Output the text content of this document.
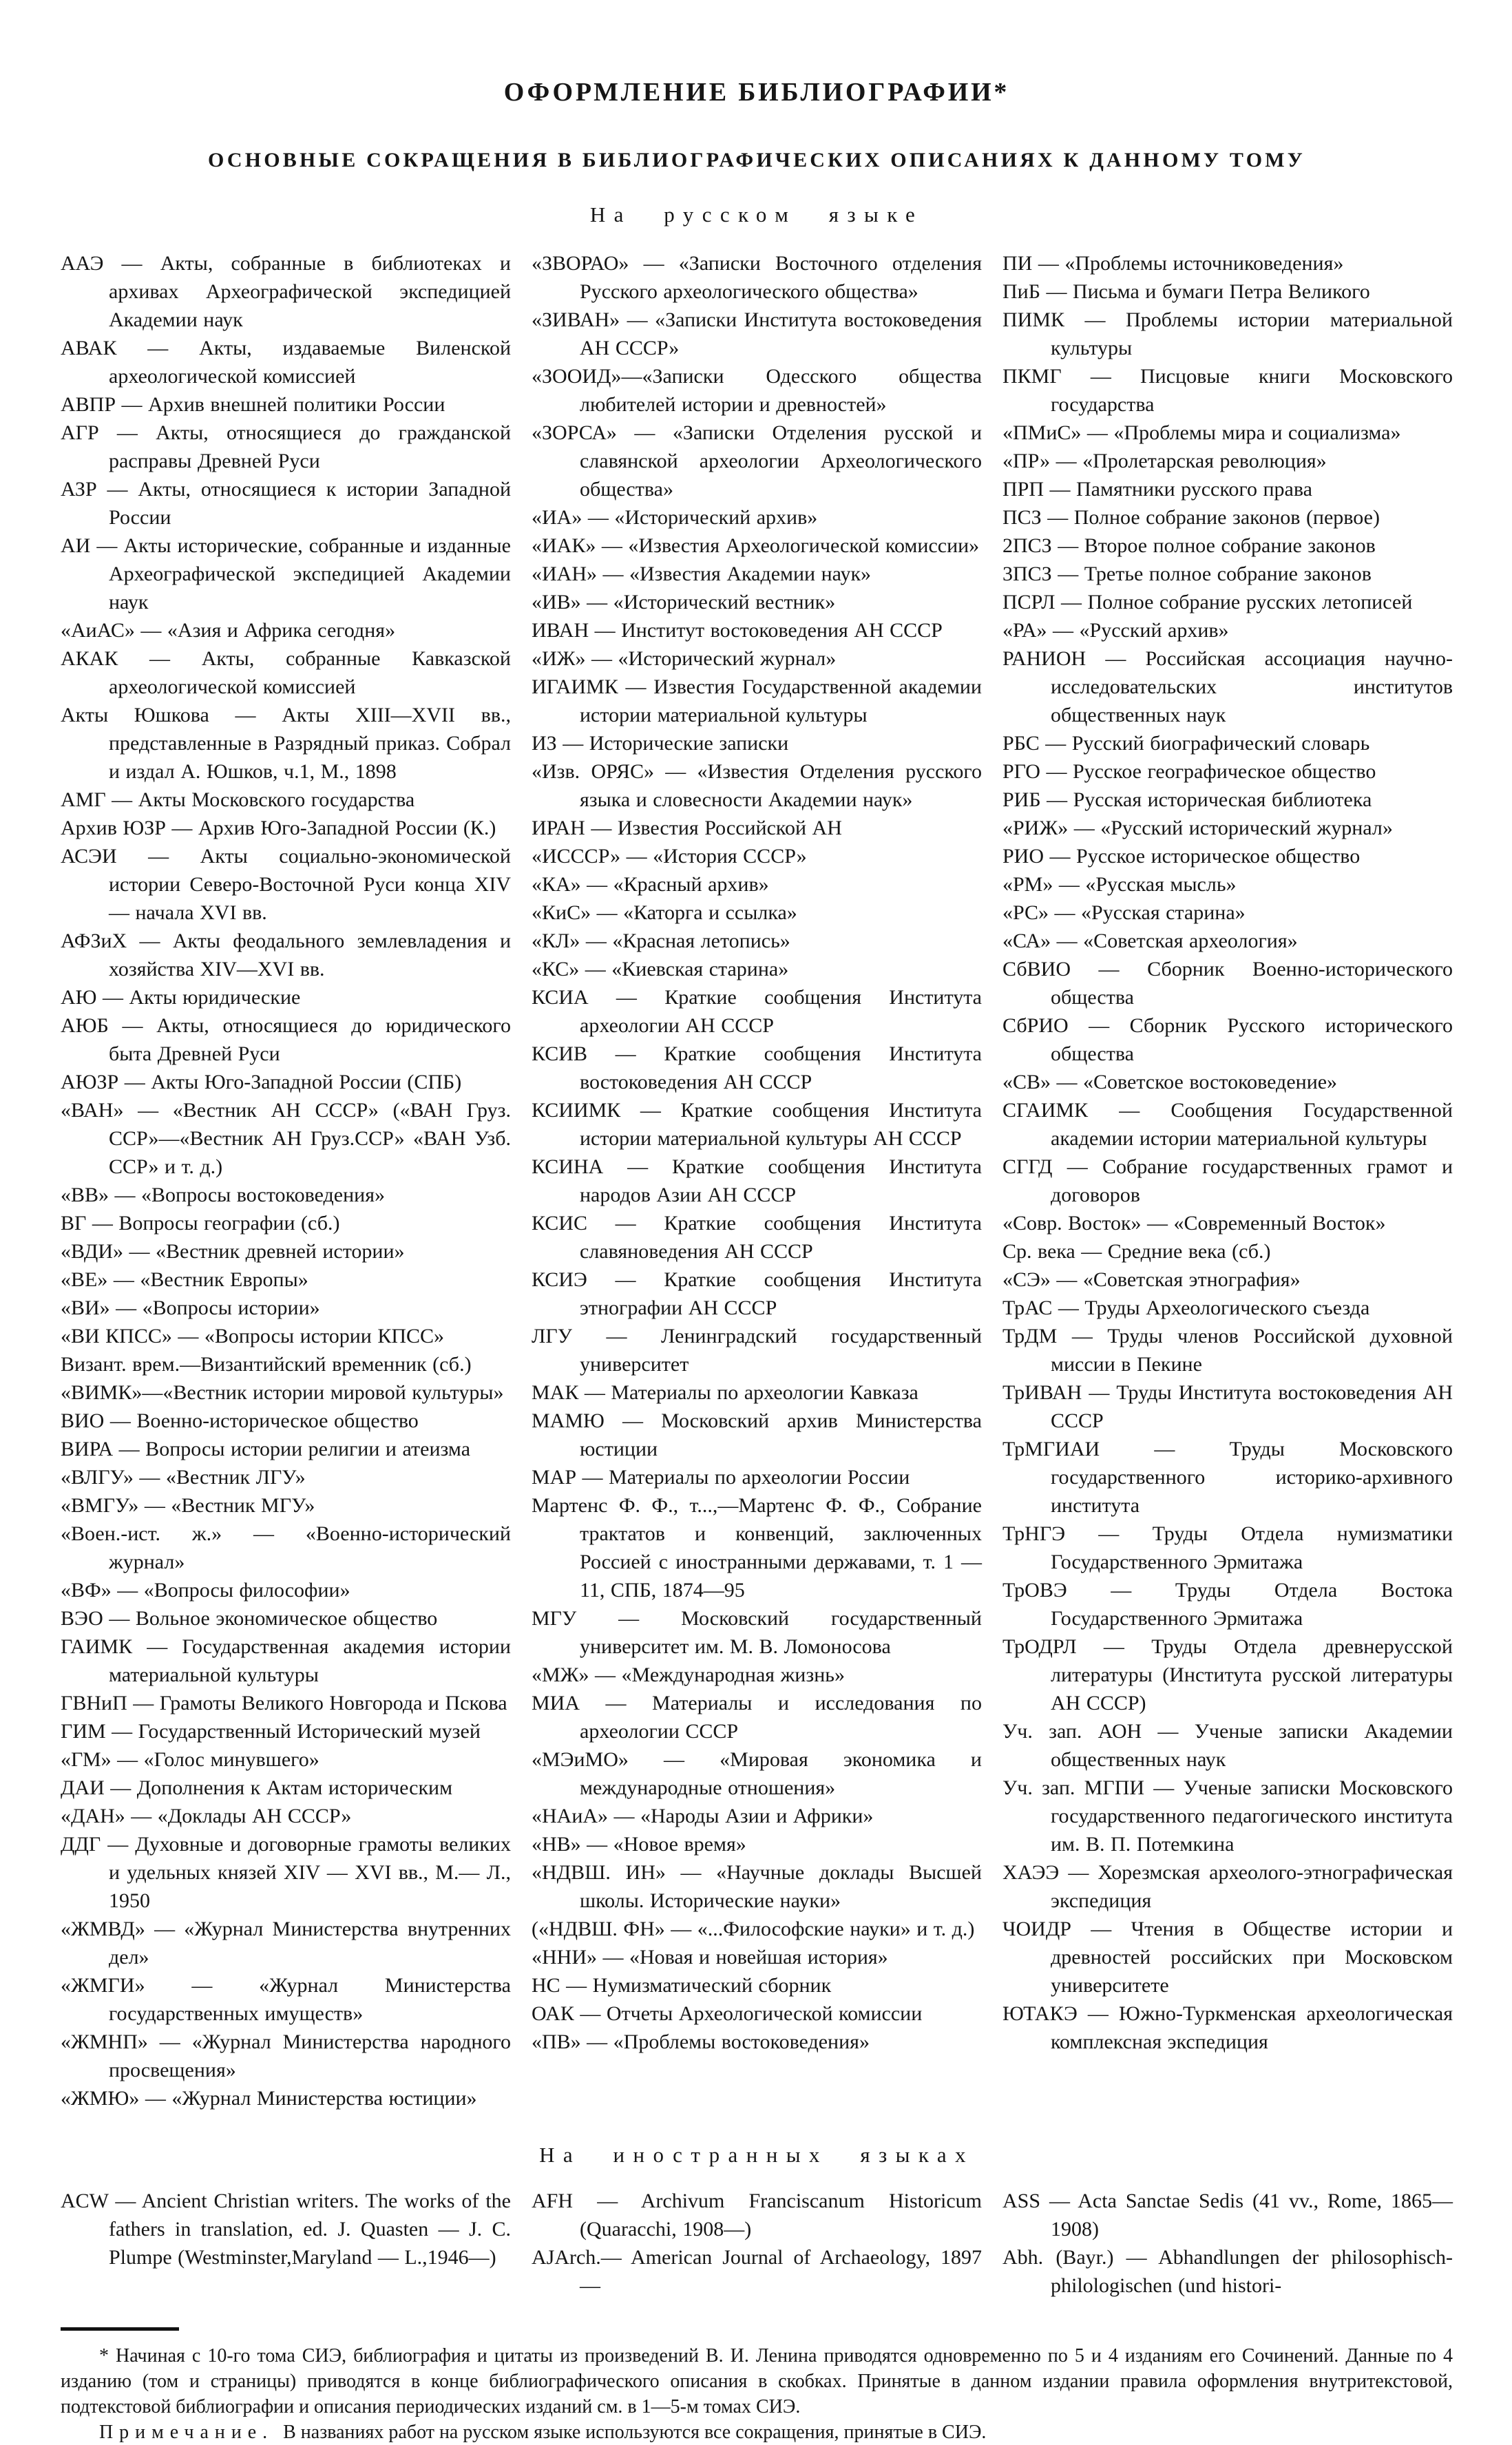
ОФОРМЛЕНИЕ БИБЛИОГРАФИИ*
ОСНОВНЫЕ СОКРАЩЕНИЯ В БИБЛИОГРАФИЧЕСКИХ ОПИСАНИЯХ К ДАННОМУ ТОМУ
На русском языке
ААЭ — Акты, собранные в библиотеках и архивах Археографической экспедицией Академии наук
АВАК — Акты, издаваемые Виленской археологической комиссией
АВПР — Архив внешней политики России
АГР — Акты, относящиеся до гражданской расправы Древней Руси
АЗР — Акты, относящиеся к истории Западной России
АИ — Акты исторические, собранные и изданные Археографической экспедицией Академии наук
«АиАС» — «Азия и Африка сегодня»
АКАК — Акты, собранные Кавказской археологической комиссией
Акты Юшкова — Акты XIII—XVII вв., представленные в Разрядный приказ. Собрал и издал А. Юшков, ч.1, М., 1898
АМГ — Акты Московского государства
Архив ЮЗР — Архив Юго-Западной России (К.)
АСЭИ — Акты социально-экономической истории Северо-Восточной Руси конца XIV — начала XVI вв.
АФЗиХ — Акты феодального землевладения и хозяйства XIV—XVI вв.
АЮ — Акты юридические
АЮБ — Акты, относящиеся до юридического быта Древней Руси
АЮЗР — Акты Юго-Западной России (СПБ)
«ВАН» — «Вестник АН СССР» («ВАН Груз. ССР»—«Вестник АН Груз.ССР» «ВАН Узб. ССР» и т. д.)
«ВВ» — «Вопросы востоковедения»
ВГ — Вопросы географии (сб.)
«ВДИ» — «Вестник древней истории»
«ВЕ» — «Вестник Европы»
«ВИ» — «Вопросы истории»
«ВИ КПСС» — «Вопросы истории КПСС»
Визант. врем.—Византийский временник (сб.)
«ВИМК»—«Вестник истории мировой культуры»
ВИО — Военно-историческое общество
ВИРА — Вопросы истории религии и атеизма
«ВЛГУ» — «Вестник ЛГУ»
«ВМГУ» — «Вестник МГУ»
«Воен.-ист. ж.» — «Военно-исторический журнал»
«ВФ» — «Вопросы философии»
ВЭО — Вольное экономическое общество
ГАИМК — Государственная академия истории материальной культуры
ГВНиП — Грамоты Великого Новгорода и Пскова
ГИМ — Государственный Исторический музей
«ГМ» — «Голос минувшего»
ДАИ — Дополнения к Актам историческим
«ДАН» — «Доклады АН СССР»
ДДГ — Духовные и договорные грамоты великих и удельных князей XIV — XVI вв., М.— Л., 1950
«ЖМВД» — «Журнал Министерства внутренних дел»
«ЖМГИ» — «Журнал Министерства государственных имуществ»
«ЖМНП» — «Журнал Министерства народного просвещения»
«ЖМЮ» — «Журнал Министерства юстиции»
«ЗВОРАО» — «Записки Восточного отделения Русского археологического общества»
«ЗИВАН» — «Записки Института востоковедения АН СССР»
«ЗООИД»—«Записки Одесского общества любителей истории и древностей»
«ЗОРСА» — «Записки Отделения русской и славянской археологии Археологического общества»
«ИА» — «Исторический архив»
«ИАК» — «Известия Археологической комиссии»
«ИАН» — «Известия Академии наук»
«ИВ» — «Исторический вестник»
ИВАН — Институт востоковедения АН СССР
«ИЖ» — «Исторический журнал»
ИГАИМК — Известия Государственной академии истории материальной культуры
ИЗ — Исторические записки
«Изв. ОРЯС» — «Известия Отделения русского языка и словесности Академии наук»
ИРАН — Известия Российской АН
«ИСССР» — «История СССР»
«КА» — «Красный архив»
«КиС» — «Каторга и ссылка»
«КЛ» — «Красная летопись»
«КС» — «Киевская старина»
КСИА — Краткие сообщения Института археологии АН СССР
КСИВ — Краткие сообщения Института востоковедения АН СССР
КСИИМК — Краткие сообщения Института истории материальной культуры АН СССР
КСИНА — Краткие сообщения Института народов Азии АН СССР
КСИС — Краткие сообщения Института славяноведения АН СССР
КСИЭ — Краткие сообщения Института этнографии АН СССР
ЛГУ — Ленинградский государственный университет
МАК — Материалы по археологии Кавказа
МАМЮ — Московский архив Министерства юстиции
МАР — Материалы по археологии России
Мартенс Ф. Ф., т...,—Мартенс Ф. Ф., Собрание трактатов и конвенций, заключенных Россией с иностранными державами, т. 1 — 11, СПБ, 1874—95
МГУ — Московский государственный университет им. М. В. Ломоносова
«МЖ» — «Международная жизнь»
МИА — Материалы и исследования по археологии СССР
«МЭиМО» — «Мировая экономика и международные отношения»
«НАиА» — «Народы Азии и Африки»
«НВ» — «Новое время»
«НДВШ. ИН» — «Научные доклады Высшей школы. Исторические науки»
(«НДВШ. ФН» — «...Философские науки» и т. д.)
«ННИ» — «Новая и новейшая история»
НС — Нумизматический сборник
ОАК — Отчеты Археологической комиссии
«ПВ» — «Проблемы востоковедения»
ПИ — «Проблемы источниковедения»
ПиБ — Письма и бумаги Петра Великого
ПИМК — Проблемы истории материальной культуры
ПКМГ — Писцовые книги Московского государства
«ПМиС» — «Проблемы мира и социализма»
«ПР» — «Пролетарская революция»
ПРП — Памятники русского права
ПСЗ — Полное собрание законов (первое)
2ПСЗ — Второе полное собрание законов
3ПСЗ — Третье полное собрание законов
ПСРЛ — Полное собрание русских летописей
«РА» — «Русский архив»
РАНИОН — Российская ассоциация научно-исследовательских институтов общественных наук
РБС — Русский биографический словарь
РГО — Русское географическое общество
РИБ — Русская историческая библиотека
«РИЖ» — «Русский исторический журнал»
РИО — Русское историческое общество
«РМ» — «Русская мысль»
«РС» — «Русская старина»
«СА» — «Советская археология»
СбВИО — Сборник Военно-исторического общества
СбРИО — Сборник Русского исторического общества
«СВ» — «Советское востоковедение»
СГАИМК — Сообщения Государственной академии истории материальной культуры
СГГД — Собрание государственных грамот и договоров
«Совр. Восток» — «Современный Восток»
Ср. века — Средние века (сб.)
«СЭ» — «Советская этнография»
ТрАС — Труды Археологического съезда
ТрДМ — Труды членов Российской духовной миссии в Пекине
ТрИВАН — Труды Института востоковедения АН СССР
ТрМГИАИ — Труды Московского государственного историко-архивного института
ТрНГЭ — Труды Отдела нумизматики Государственного Эрмитажа
ТрОВЭ — Труды Отдела Востока Государственного Эрмитажа
ТрОДРЛ — Труды Отдела древнерусской литературы (Института русской литературы АН СССР)
Уч. зап. АОН — Ученые записки Академии общественных наук
Уч. зап. МГПИ — Ученые записки Московского государственного педагогического института им. В. П. Потемкина
ХАЭЭ — Хорезмская археолого-этнографическая экспедиция
ЧОИДР — Чтения в Обществе истории и древностей российских при Московском университете
ЮТАКЭ — Южно-Туркменская археологическая комплексная экспедиция
На иностранных языках
ACW — Ancient Christian writers. The works of the fathers in translation, ed. J. Quasten — J. C. Plumpe (Westminster,Maryland — L.,1946—)
AFH — Archivum Franciscanum Historicum (Quaracchi, 1908—)
AJArch.— American Journal of Archaeology, 1897 —
ASS — Acta Sanctae Sedis (41 vv., Rome, 1865—1908)
Abh. (Bayr.) — Abhandlungen der philosophisch-philologischen (und histori-

* Начиная с 10-го тома СИЭ, библиография и цитаты из произведений В. И. Ленина приводятся одновременно по 5 и 4 изданиям его Сочинений. Данные по 4 изданию (том и страницы) приводятся в конце библиографического описания в скобках. Принятые в данном издании правила оформления внутритекстовой, подтекстовой библиографии и описания периодических изданий см. в 1—5-м томах СИЭ.

Примечание. В названиях работ на русском языке используются все сокращения, принятые в СИЭ.
